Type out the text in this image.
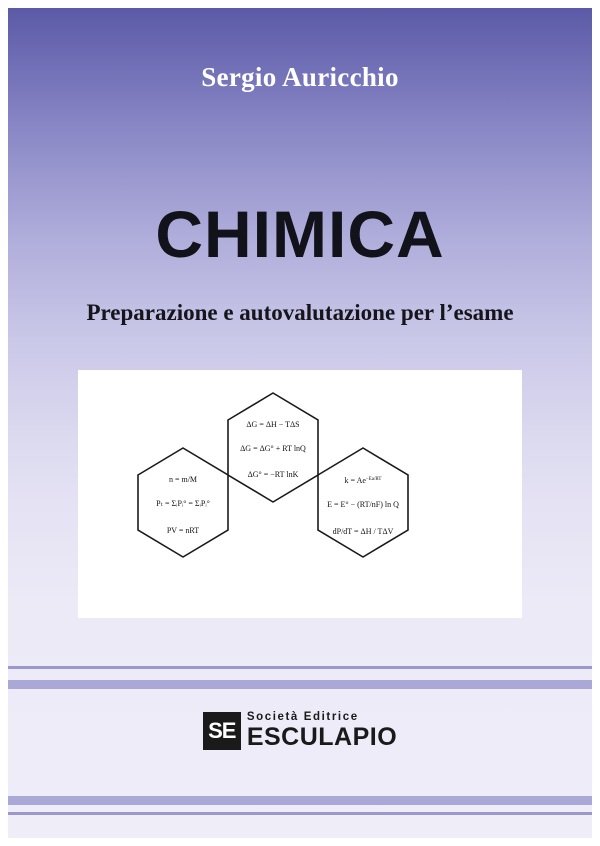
Sergio Auricchio
CHIMICA
Preparazione e autovalutazione per l’esame
n = m/M
Pₜ = ΣᵢPᵢ° = ΣᵢPᵢ°
PV = nRT
ΔG = ΔH − TΔS
ΔG = ΔG° + RT lnQ
ΔG° = −RT lnK
$k = Ae^{-Ea/RT}$
E = E° − (RT/nF) ln Q
dP/dT = ΔH / TΔV
SE
Società Editrice
ESCULAPIO
